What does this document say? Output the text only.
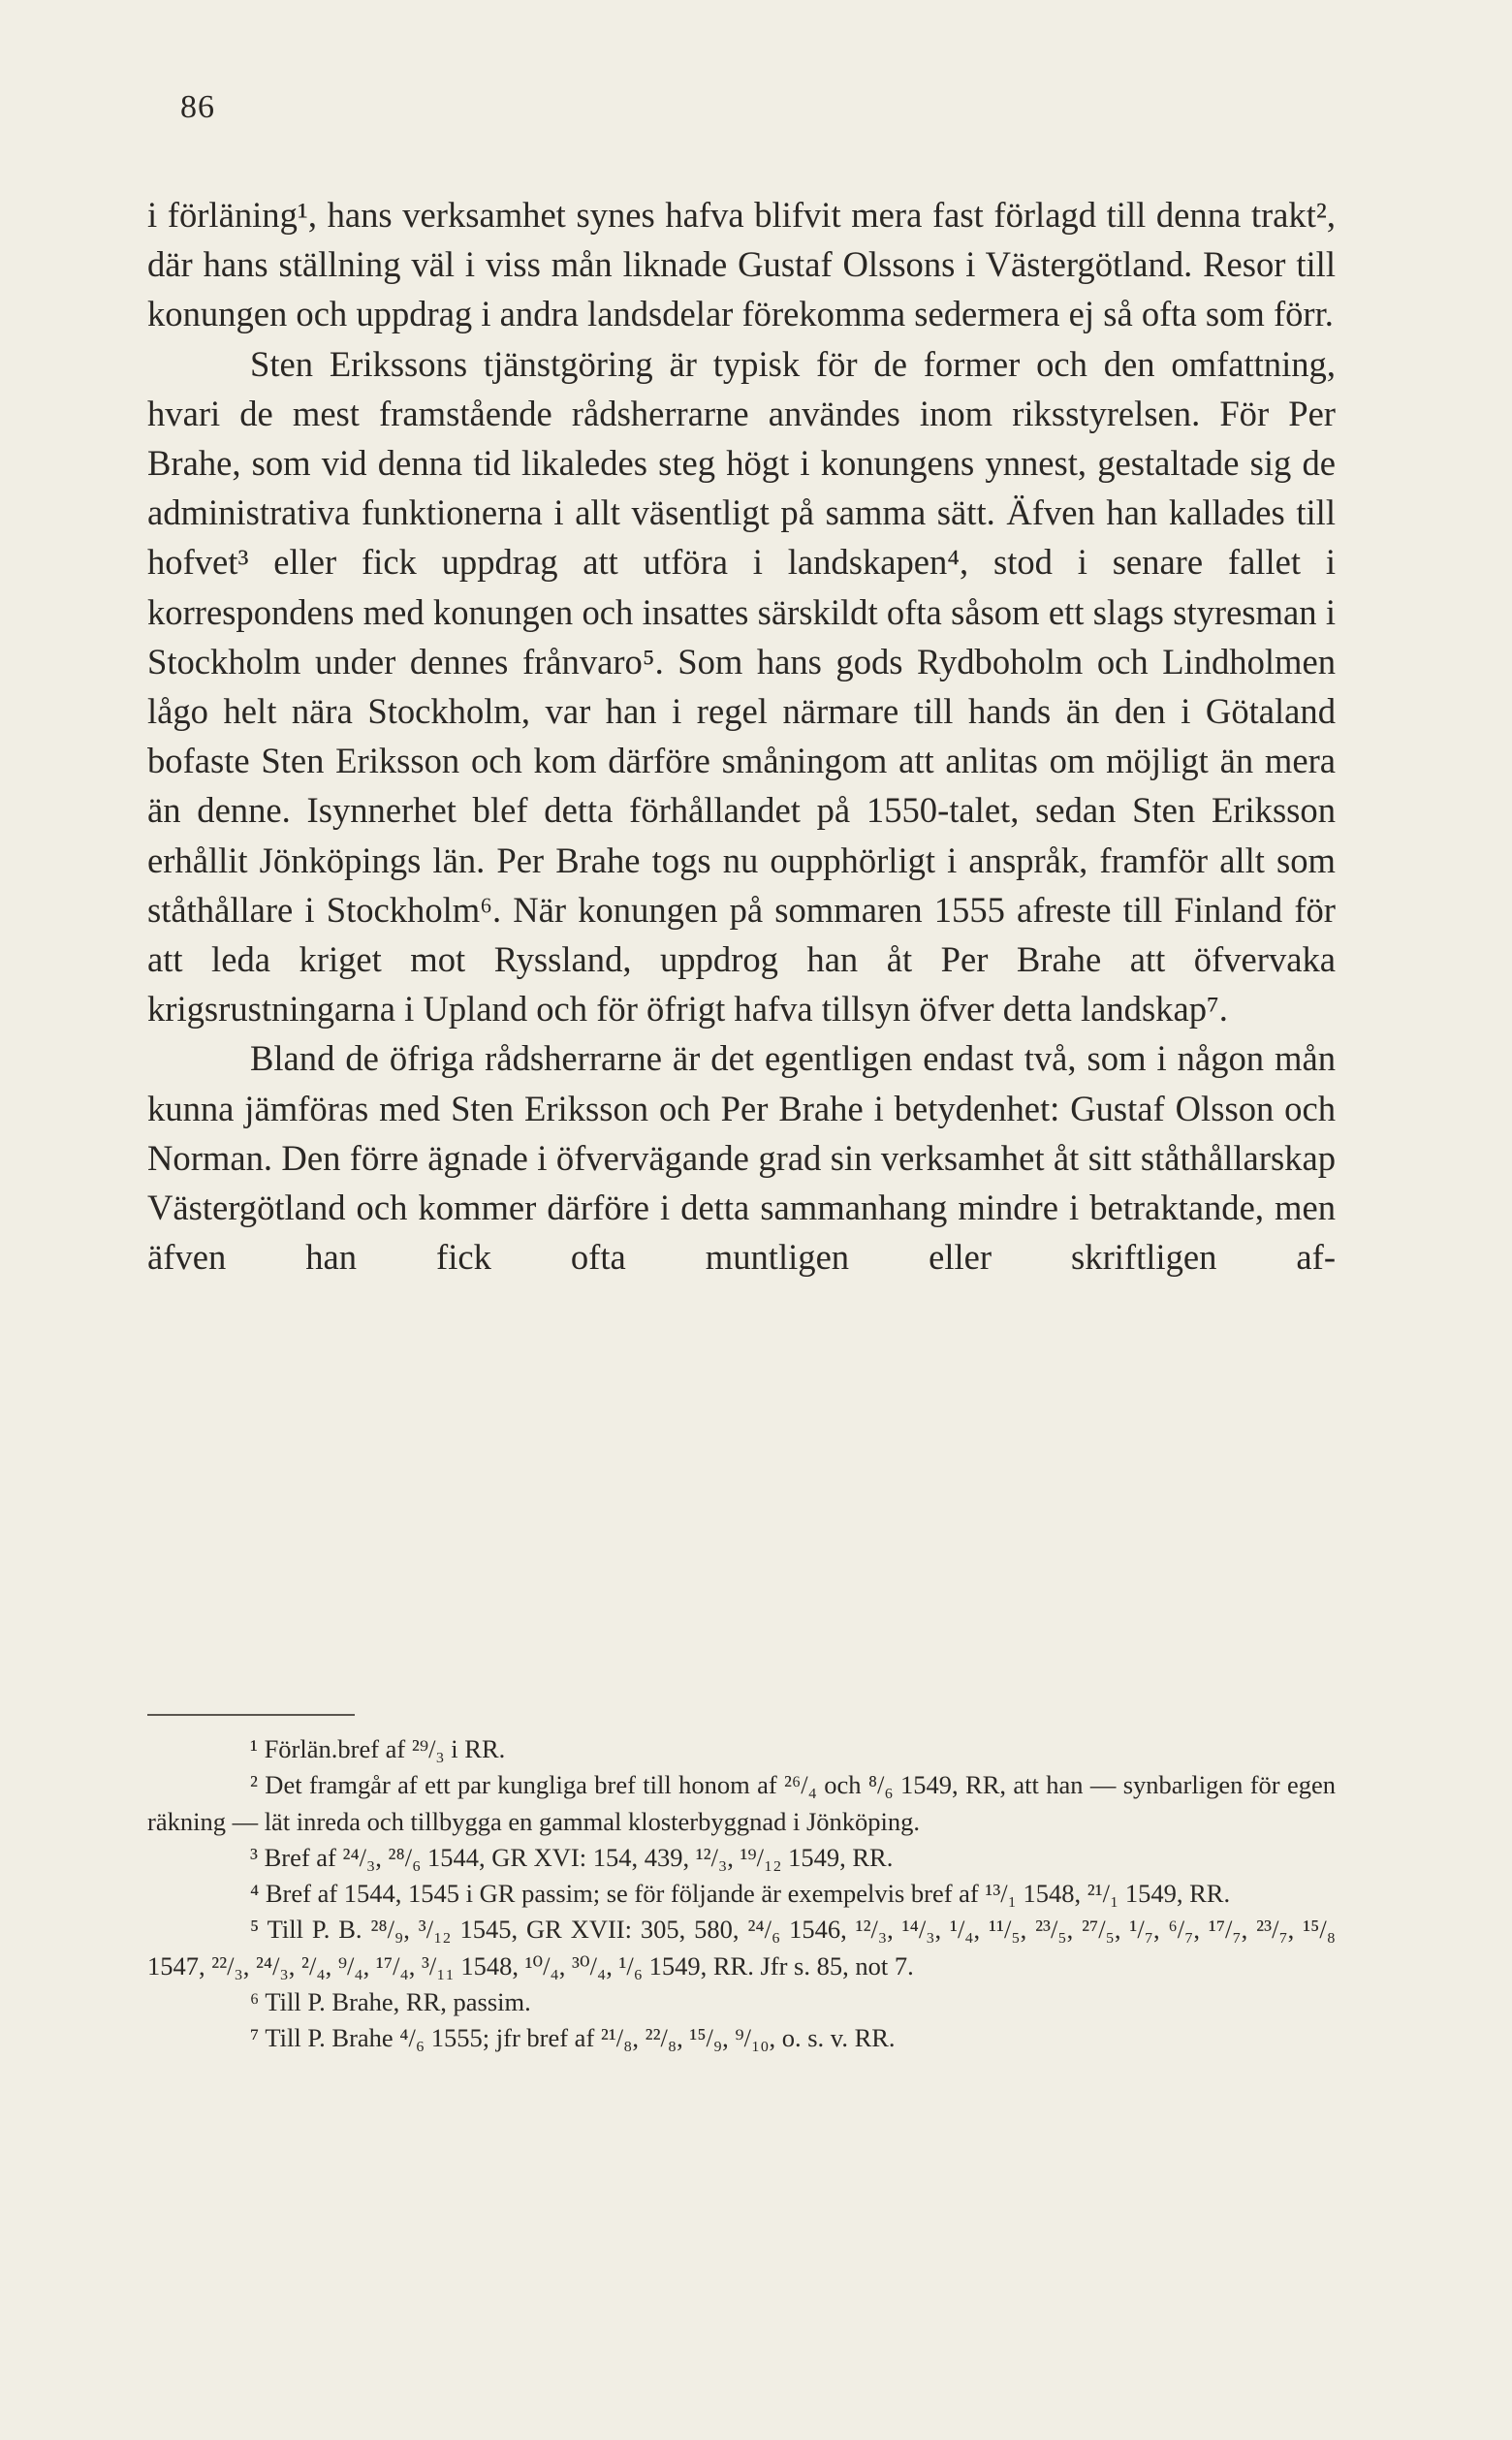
86

i förläning¹, hans verksamhet synes hafva blifvit mera fast förlagd till denna trakt², där hans ställning väl i viss mån liknade Gustaf Olssons i Västergötland. Resor till konungen och uppdrag i andra landsdelar förekomma sedermera ej så ofta som förr.

Sten Erikssons tjänstgöring är typisk för de former och den omfattning, hvari de mest framstående rådsherrarne användes inom riksstyrelsen. För Per Brahe, som vid denna tid likaledes steg högt i konungens ynnest, gestaltade sig de administrativa funktionerna i allt väsentligt på samma sätt. Äfven han kallades till hofvet³ eller fick uppdrag att utföra i landskapen⁴, stod i senare fallet i korrespondens med konungen och insattes särskildt ofta såsom ett slags styresman i Stockholm under dennes frånvaro⁵. Som hans gods Rydboholm och Lindholmen lågo helt nära Stockholm, var han i regel närmare till hands än den i Götaland bofaste Sten Eriksson och kom därföre småningom att anlitas om möjligt än mera än denne. Isynnerhet blef detta förhållandet på 1550-talet, sedan Sten Eriksson erhållit Jönköpings län. Per Brahe togs nu oupphörligt i anspråk, framför allt som ståthållare i Stockholm⁶. När konungen på sommaren 1555 afreste till Finland för att leda kriget mot Ryssland, uppdrog han åt Per Brahe att öfvervaka krigsrustningarna i Upland och för öfrigt hafva tillsyn öfver detta landskap⁷.

Bland de öfriga rådsherrarne är det egentligen endast två, som i någon mån kunna jämföras med Sten Eriksson och Per Brahe i betydenhet: Gustaf Olsson och Norman. Den förre ägnade i öfvervägande grad sin verksamhet åt sitt ståthållarskap Västergötland och kommer därföre i detta sammanhang mindre i betraktande, men äfven han fick ofta muntligen eller skriftligen af-

¹ Förlän.bref af ²⁹/₃ i RR.

² Det framgår af ett par kungliga bref till honom af ²⁶/₄ och ⁸/₆ 1549, RR, att han — synbarligen för egen räkning — lät inreda och tillbygga en gammal klosterbyggnad i Jönköping.

³ Bref af ²⁴/₃, ²⁸/₆ 1544, GR XVI: 154, 439, ¹²/₃, ¹⁹/₁₂ 1549, RR.

⁴ Bref af 1544, 1545 i GR passim; se för följande är exempelvis bref af ¹³/₁ 1548, ²¹/₁ 1549, RR.

⁵ Till P. B. ²⁸/₉, ³/₁₂ 1545, GR XVII: 305, 580, ²⁴/₆ 1546, ¹²/₃, ¹⁴/₃, ¹/₄, ¹¹/₅, ²³/₅, ²⁷/₅, ¹/₇, ⁶/₇, ¹⁷/₇, ²³/₇, ¹⁵/₈ 1547, ²²/₃, ²⁴/₃, ²/₄, ⁹/₄, ¹⁷/₄, ³/₁₁ 1548, ¹⁰/₄, ³⁰/₄, ¹/₆ 1549, RR. Jfr s. 85, not 7.

⁶ Till P. Brahe, RR, passim.

⁷ Till P. Brahe ⁴/₆ 1555; jfr bref af ²¹/₈, ²²/₈, ¹⁵/₉, ⁹/₁₀, o. s. v. RR.
